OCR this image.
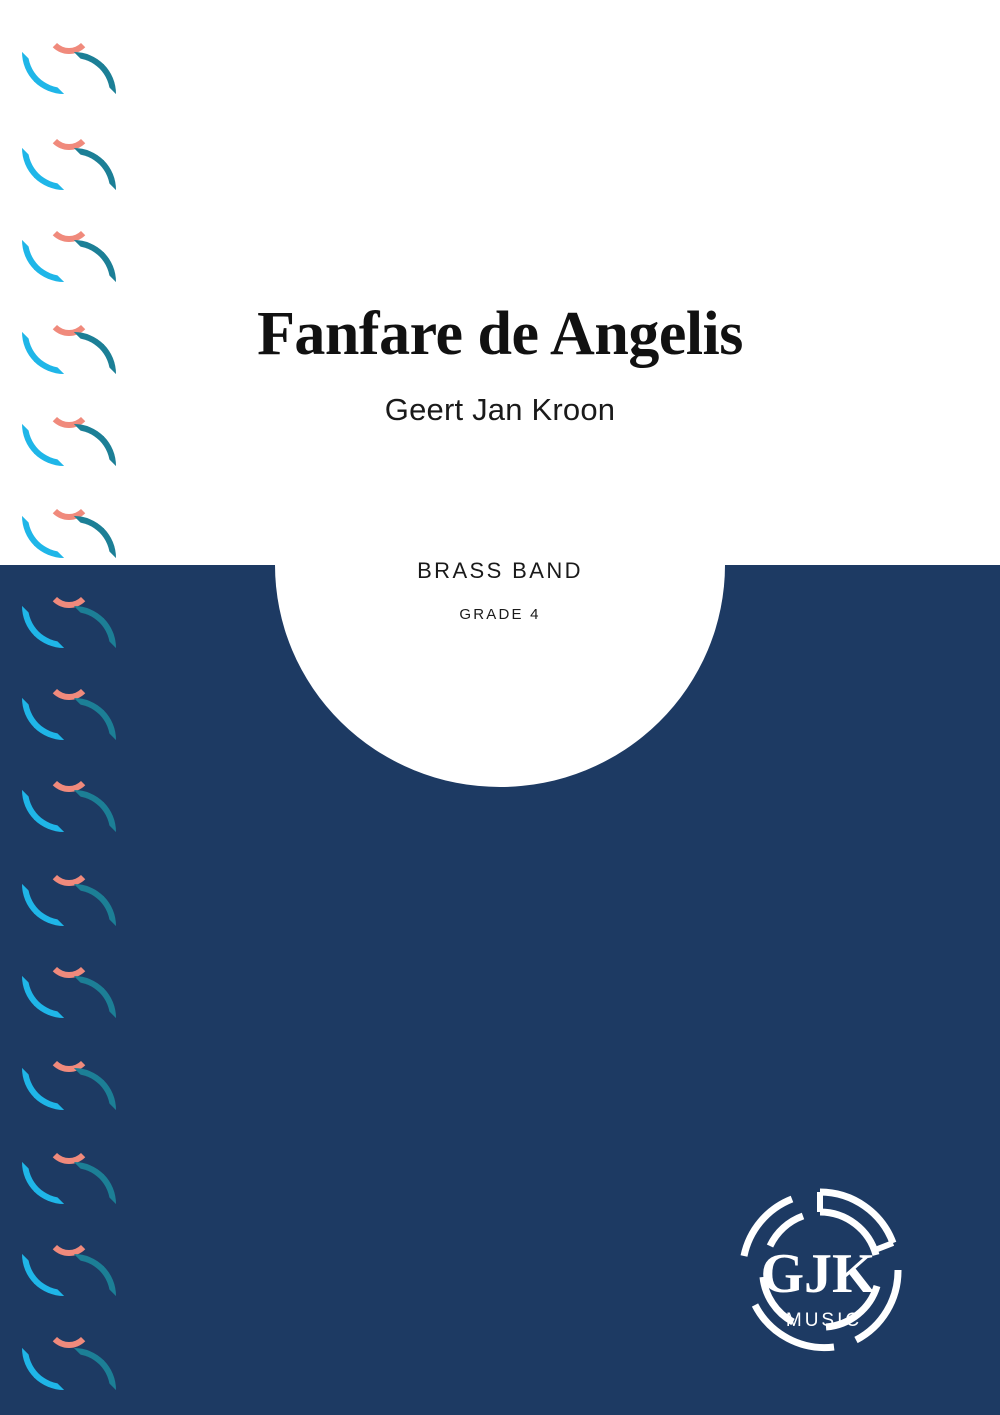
Fanfare de Angelis

Geert Jan Kroon

BRASS BAND

GRADE 4

GJK
MUSIC
